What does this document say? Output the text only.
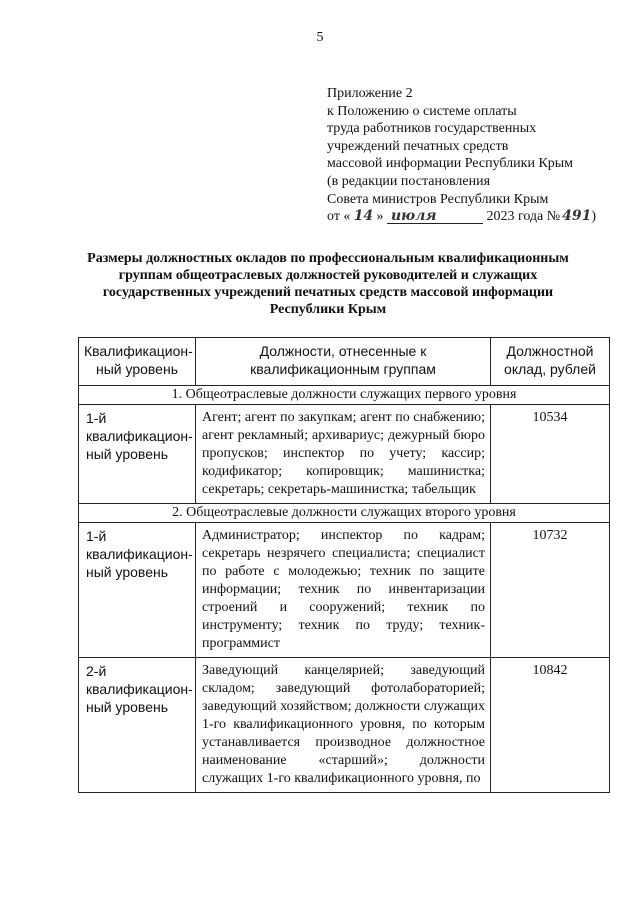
5
Приложение 2
к Положению о системе оплаты
труда работников государственных
учреждений печатных средств
массовой информации Республики Крым
(в редакции постановления
Совета министров Республики Крым
от « 14 » июля	2023 года № 491)
Размеры должностных окладов по профессиональным квалификационным группам общеотраслевых должностей руководителей и служащих государственных учреждений печатных средств массовой информации Республики Крым
Квалификацион-ный уровень	Должности, отнесенные к квалификационным группам	Должностной оклад, рублей

1. Общеотраслевые должности служащих первого уровня		
1-й квалификацион-ный уровень	Агент; агент по закупкам; агент по снабжению; агент рекламный; архивариус; дежурный бюро пропусков; инспектор по учету; кассир; кодификатор; копировщик; машинистка; секретарь; секретарь-машинистка; табельщик	10534
2. Общеотраслевые должности служащих второго уровня		
1-й квалификацион-ный уровень	Администратор; инспектор по кадрам; секретарь незрячего специалиста; специалист по работе с молодежью; техник по защите информации; техник по инвентаризации строений и сооружений; техник по инструменту; техник по труду; техник-программист	10732
2-й квалификацион-ный уровень	Заведующий канцелярией; заведующий складом; заведующий фотолабораторией; заведующий хозяйством; должности служащих 1-го квалификационного уровня, по которым устанавливается производное должностное наименование «старший»; должности служащих 1-го квалификационного уровня, по	10842
